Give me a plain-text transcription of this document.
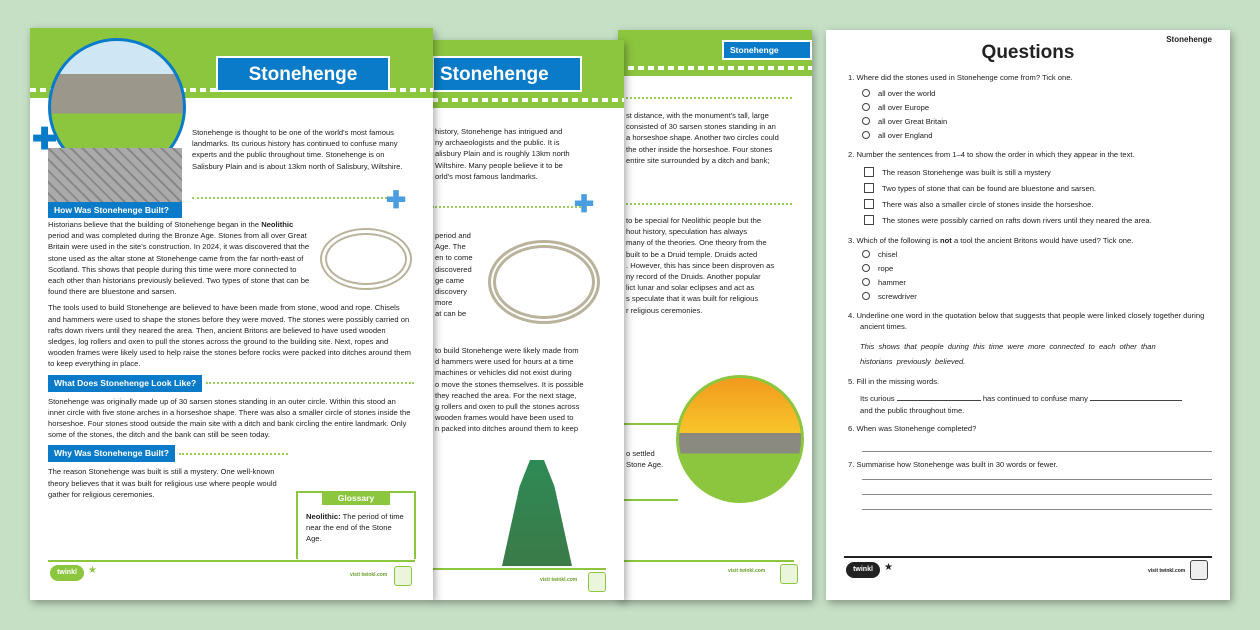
Stonehenge
st distance, with the monument's tall, large
consisted of 30 sarsen stones standing in an
a horseshoe shape. Another two circles could
the other inside the horseshoe. Four stones
entire site surrounded by a ditch and bank;
to be special for Neolithic people but the
hout history, speculation has always
many of the theories. One theory from the
built to be a Druid temple. Druids acted
. However, this has since been disproven as
ny record of the Druids. Another popular
lict lunar and solar eclipses and act as
s speculate that it was built for religious
r religious ceremonies.
o settled
Stone Age.
visit twinkl.com
Stonehenge
history, Stonehenge has intrigued and
ny archaeologists and the public. It is
alisbury Plain and is roughly 13km north
Wiltshire. Many people believe it to be
orld's most famous landmarks.
✚
period and
Age. The
en to come
discovered
ge came
discovery
more
at can be
to build Stonehenge were likely made from
d hammers were used for hours at a time
machines or vehicles did not exist during
o move the stones themselves. It is possible
they reached the area. For the next stage,
g rollers and oxen to pull the stones across
wooden frames would have been used to
n packed into ditches around them to keep
visit twinkl.com
Stonehenge
✚	Stonehenge is thought to be one of the world's most famous landmarks. Its curious history has continued to confuse many experts and the public throughout time. Stonehenge is on Salisbury Plain and is about 13km north of Salisbury, Wiltshire.
✚
How Was Stonehenge Built?
Historians believe that the building of Stonehenge began in the Neolithic period and was completed during the Bronze Age. Stones from all over Great Britain were used in the site's construction. In 2024, it was discovered that the stone used as the altar stone at Stonehenge came from the far north-east of Scotland. This shows that people during this time were more connected to each other than historians previously believed. Two types of stone that can be found there are bluestone and sarsen.
The tools used to build Stonehenge are believed to have been made from stone, wood and rope. Chisels and hammers were used to shape the stones before they were moved. The stones were possibly carried on rafts down rivers until they neared the area. Then, ancient Britons are believed to have used wooden sledges, log rollers and oxen to pull the stones across the ground to the building site. Next, ropes and wooden frames were likely used to help raise the stones before rocks were packed into ditches around them to keep everything in place.
What Does Stonehenge Look Like?
Stonehenge was originally made up of 30 sarsen stones standing in an outer circle. Within this stood an inner circle with five stone arches in a horseshoe shape. There was also a smaller circle of stones inside the horseshoe. Four stones stood outside the main site with a ditch and bank circling the entire landmark. Only some of the stones, the ditch and the bank can still be seen today.
Why Was Stonehenge Built?
The reason Stonehenge was built is still a mystery. One well-known theory believes that it was built for religious use where people would gather for religious ceremonies.	Glossary
Neolithic: The period of time near the end of the Stone Age.
twinkl	★	visit twinkl.com
Stonehenge
Questions
1. Where did the stones used in Stonehenge come from? Tick one.
all over the world
all over Europe
all over Great Britain
all over England
2. Number the sentences from 1–4 to show the order in which they appear in the text.
The reason Stonehenge was built is still a mystery
Two types of stone that can be found are bluestone and sarsen.
There was also a smaller circle of stones inside the horseshoe.
The stones were possibly carried on rafts down rivers until they neared the area.
3. Which of the following is not a tool the ancient Britons would have used? Tick one.
chisel
rope
hammer
screwdriver
4. Underline one word in the quotation below that suggests that people were linked closely together during ancient times.
This shows that people during this time were more connected to each other than historians previously believed.
5. Fill in the missing words.
Its curious	has continued to confuse many
and the public throughout time.
6. When was Stonehenge completed?
7. Summarise how Stonehenge was built in 30 words or fewer.
twinkl	★	visit twinkl.com
